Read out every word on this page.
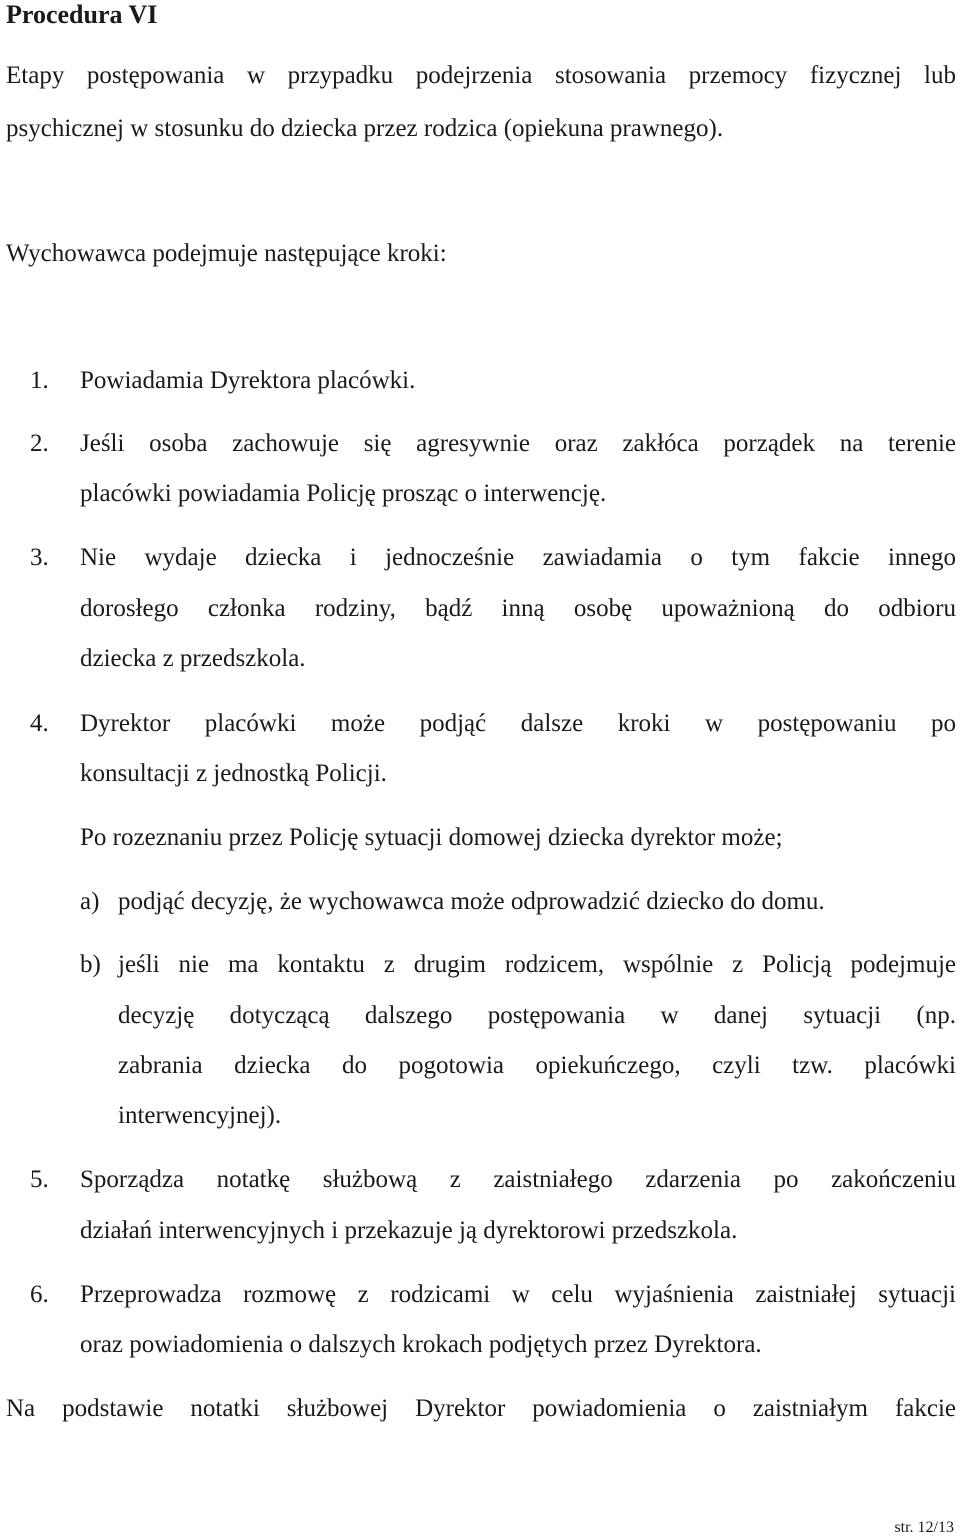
Procedura VI
Etapy postępowania w przypadku podejrzenia stosowania przemocy fizycznej lub
psychicznej w stosunku do dziecka przez rodzica (opiekuna prawnego).
Wychowawca podejmuje następujące kroki:
1. Powiadamia Dyrektora placówki.
2. Jeśli osoba zachowuje się agresywnie oraz zakłóca porządek na terenie
placówki powiadamia Policję prosząc o interwencję.
3. Nie wydaje dziecka i jednocześnie zawiadamia o tym fakcie innego
dorosłego członka rodziny, bądź inną osobę upoważnioną do odbioru
dziecka z przedszkola.
4. Dyrektor placówki może podjąć dalsze kroki w postępowaniu po
konsultacji z jednostką Policji.
Po rozeznaniu przez Policję sytuacji domowej dziecka dyrektor może;
a) podjąć decyzję, że wychowawca może odprowadzić dziecko do domu.
b) jeśli nie ma kontaktu z drugim rodzicem, wspólnie z Policją podejmuje
decyzję dotyczącą dalszego postępowania w danej sytuacji (np.
zabrania dziecka do pogotowia opiekuńczego, czyli tzw. placówki
interwencyjnej).
5. Sporządza notatkę służbową z zaistniałego zdarzenia po zakończeniu
działań interwencyjnych i przekazuje ją dyrektorowi przedszkola.
6. Przeprowadza rozmowę z rodzicami w celu wyjaśnienia zaistniałej sytuacji
oraz powiadomienia o dalszych krokach podjętych przez Dyrektora.
Na podstawie notatki służbowej Dyrektor powiadomienia o zaistniałym fakcie
str. 12/13
